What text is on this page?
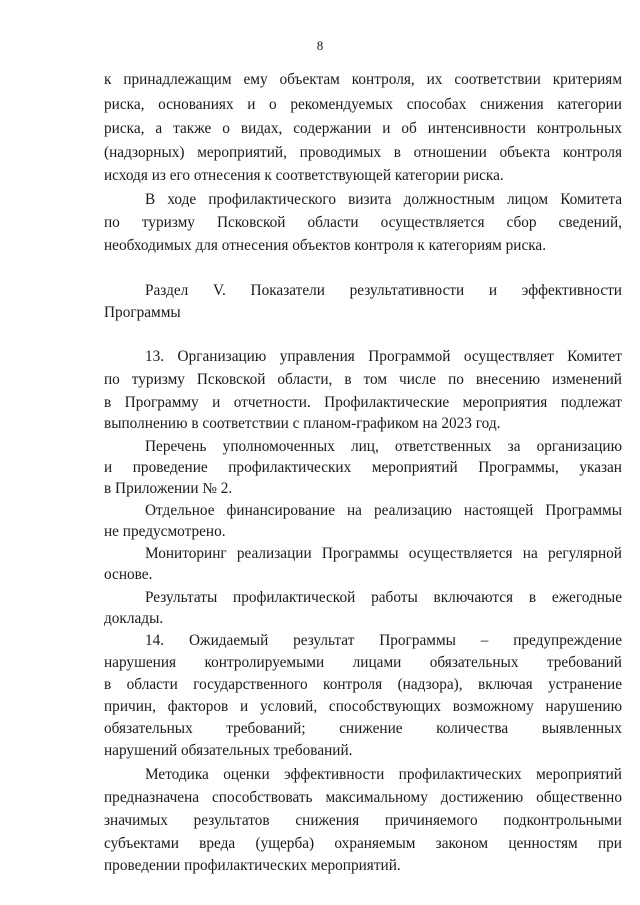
8
к принадлежащим ему объектам контроля, их соответствии критериям
риска, основаниях и о рекомендуемых способах снижения категории
риска, а также о видах, содержании и об интенсивности контрольных
(надзорных) мероприятий, проводимых в отношении объекта контроля
исходя из его отнесения к соответствующей категории риска.
В ходе профилактического визита должностным лицом Комитета
по туризму Псковской области осуществляется сбор сведений,
необходимых для отнесения объектов контроля к категориям риска.
Раздел V. Показатели результативности и эффективности
Программы
13. Организацию управления Программой осуществляет Комитет
по туризму Псковской области, в том числе по внесению изменений
в Программу и отчетности. Профилактические мероприятия подлежат
выполнению в соответствии с планом-графиком на 2023 год.
Перечень уполномоченных лиц, ответственных за организацию
и проведение профилактических мероприятий Программы, указан
в Приложении № 2.
Отдельное финансирование на реализацию настоящей Программы
не предусмотрено.
Мониторинг реализации Программы осуществляется на регулярной
основе.
Результаты профилактической работы включаются в ежегодные
доклады.
14. Ожидаемый результат Программы – предупреждение
нарушения контролируемыми лицами обязательных требований
в области государственного контроля (надзора), включая устранение
причин, факторов и условий, способствующих возможному нарушению
обязательных требований; снижение количества выявленных
нарушений обязательных требований.
Методика оценки эффективности профилактических мероприятий
предназначена способствовать максимальному достижению общественно
значимых результатов снижения причиняемого подконтрольными
субъектами вреда (ущерба) охраняемым законом ценностям при
проведении профилактических мероприятий.
